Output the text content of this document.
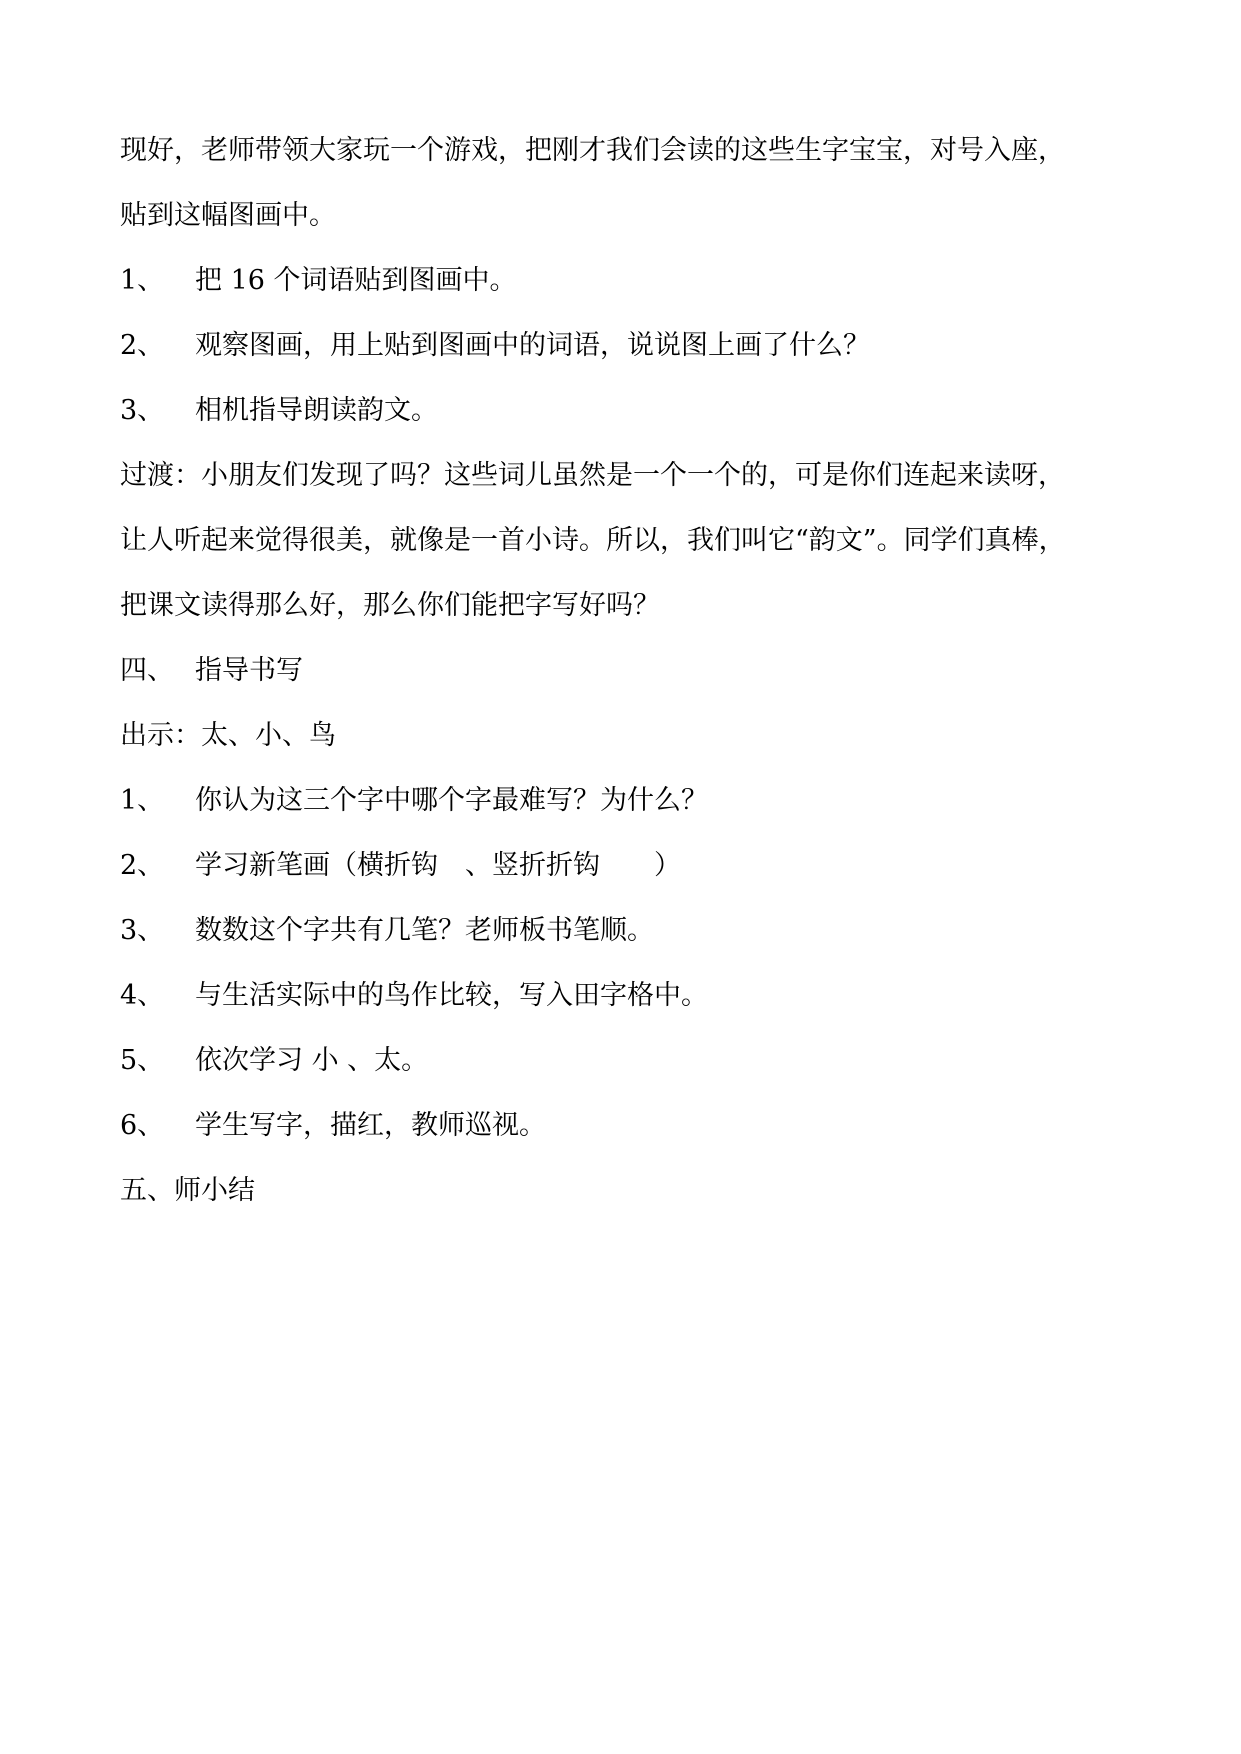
现好，老师带领大家玩一个游戏，把刚才我们会读的这些生字宝宝，对号入座，
贴到这幅图画中。
1、 把 16 个词语贴到图画中。
2、 观察图画，用上贴到图画中的词语，说说图上画了什么？
3、 相机指导朗读韵文。
过渡：小朋友们发现了吗？这些词儿虽然是一个一个的，可是你们连起来读呀，
让人听起来觉得很美，就像是一首小诗。所以，我们叫它“韵文”。同学们真棒，
把课文读得那么好，那么你们能把字写好吗？
四、 指导书写
出示：太、小、鸟
1、 你认为这三个字中哪个字最难写？为什么？
2、 学习新笔画（横折钩　、竖折折钩　　）
3、 数数这个字共有几笔？老师板书笔顺。
4、 与生活实际中的鸟作比较，写入田字格中。
5、 依次学习 小 、太。
6、 学生写字，描红，教师巡视。
五、师小结
